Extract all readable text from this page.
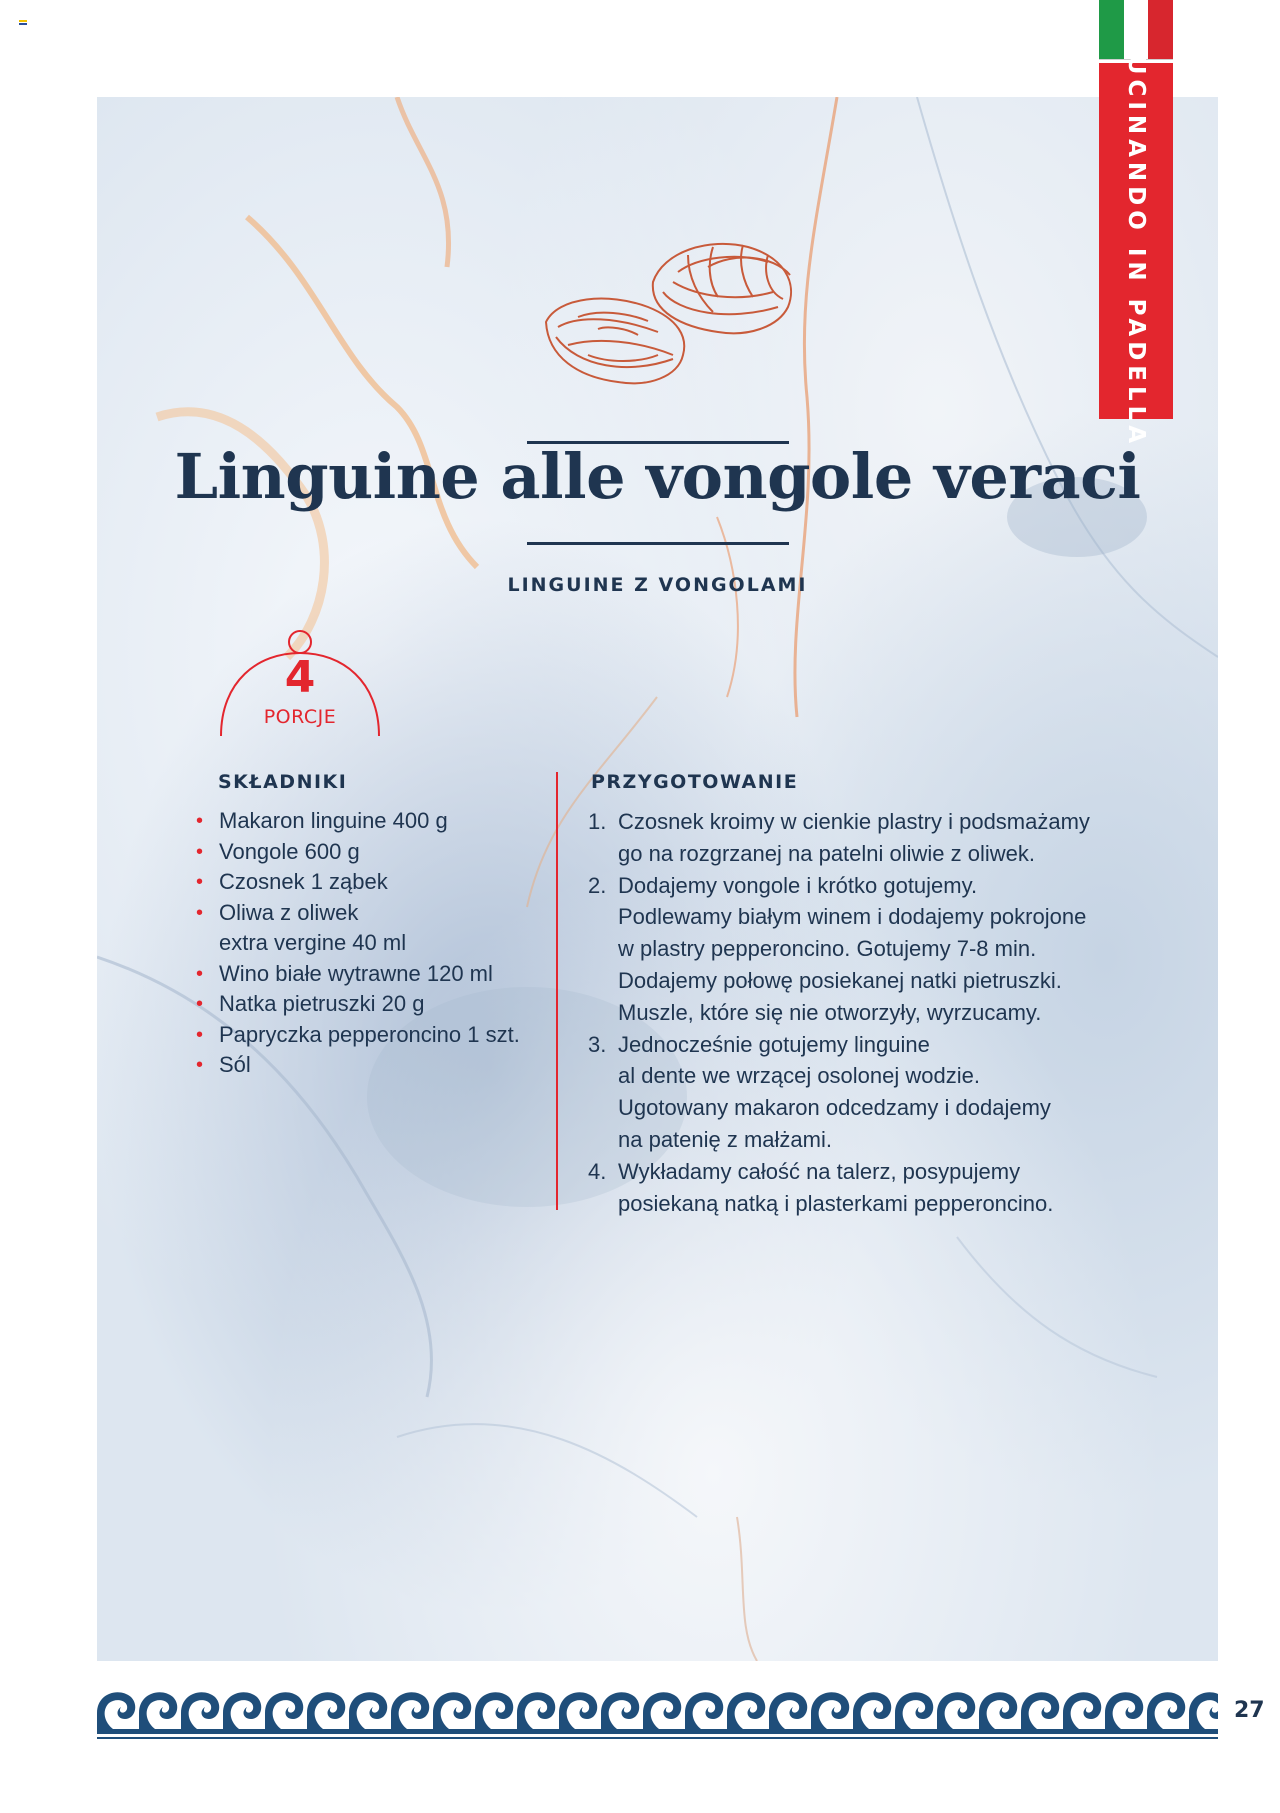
CUCINANDO IN PADELLA
Linguine alle vongole veraci
LINGUINE Z VONGOLAMI
4
PORCJE
SKŁADNIKI
• Makaron linguine 400 g
• Vongole 600 g
• Czosnek 1 ząbek
• Oliwa z oliwek
extra vergine 40 ml
• Wino białe wytrawne 120 ml
• Natka pietruszki 20 g
• Papryczka pepperoncino 1 szt.
• Sól
PRZYGOTOWANIE
1. Czosnek kroimy w cienkie plastry i podsmażamy
go na rozgrzanej na patelni oliwie z oliwek.
2. Dodajemy vongole i krótko gotujemy.
Podlewamy białym winem i dodajemy pokrojone
w plastry pepperoncino. Gotujemy 7-8 min.
Dodajemy połowę posiekanej natki pietruszki.
Muszle, które się nie otworzyły, wyrzucamy.
3. Jednocześnie gotujemy linguine
al dente we wrzącej osolonej wodzie.
Ugotowany makaron odcedzamy i dodajemy
na patenię z małżami.
4. Wykładamy całość na talerz, posypujemy
posiekaną natką i plasterkami pepperoncino.
27
